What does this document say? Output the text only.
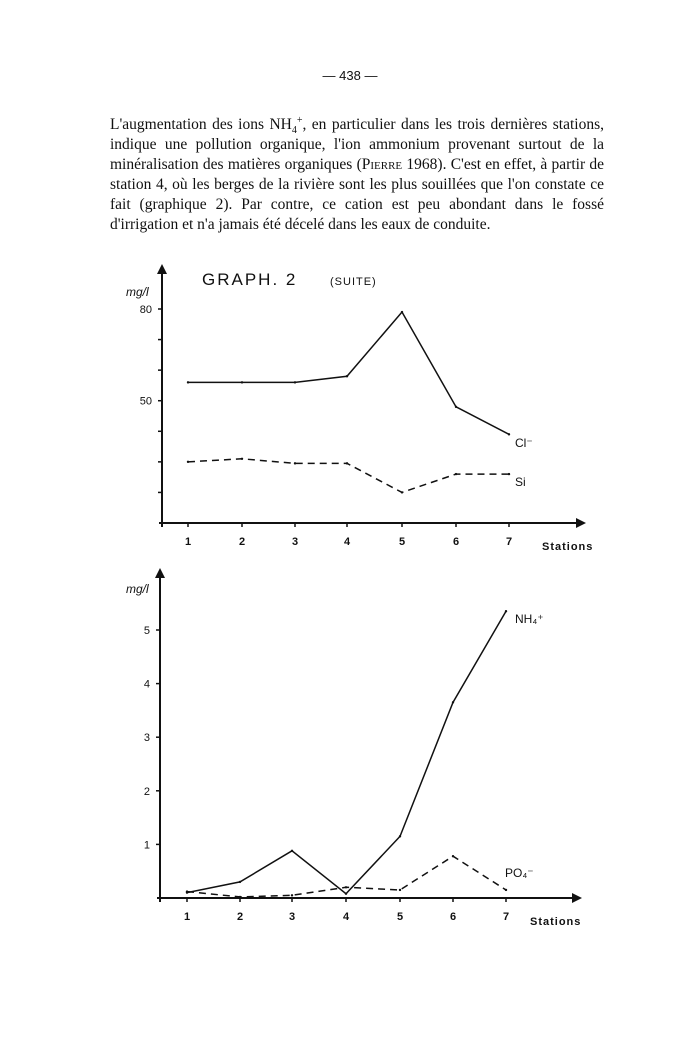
— 438 —

L'augmentation des ions $NH_4^+$, en particulier dans les trois dernières stations, indique une pollution organique, l'ion ammonium provenant surtout de la minéralisation des matières organiques (Pierre 1968). C'est en effet, à partir de station 4, où les berges de la rivière sont les plus souillées que l'on constate ce fait (graphique 2). Par contre, ce cation est peu abondant dans le fossé d'irrigation et n'a jamais été décelé dans les eaux de conduite.

50
80
1	2	3	4	5	6	7
mg/l
Stations
GRAPH. 2	(SUITE)
Cl⁻
Si
1
2
3
4
5
1	2	3	4	5	6	7
mg/l
Stations
NH₄⁺
PO₄⁻
